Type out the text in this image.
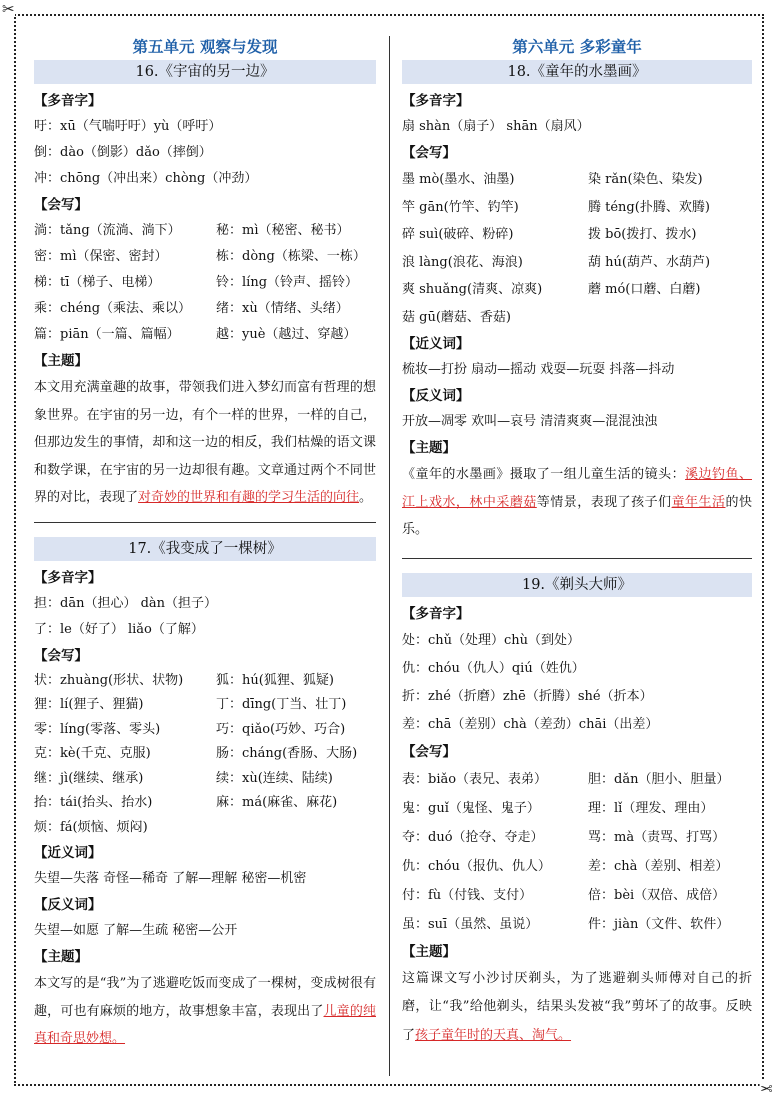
✂
✂
第五单元 观察与发现
16.《宇宙的另一边》
【多音字】
吁：xū（气喘吁吁）yù（呼吁）
倒：dào（倒影）dǎo（摔倒）
冲：chōng（冲出来）chòng（冲劲）
【会写】
淌：tǎng（流淌、淌下）	秘：mì（秘密、秘书）
密：mì（保密、密封）	栋：dòng（栋梁、一栋）
梯：tī（梯子、电梯）	铃：líng（铃声、摇铃）
乘：chéng（乘法、乘以）	绪：xù（情绪、头绪）
篇：piān（一篇、篇幅）	越：yuè（越过、穿越）
【主题】
本文用充满童趣的故事，带领我们进入梦幻而富有哲理的想象世界。在宇宙的另一边，有个一样的世界，一样的自己，但那边发生的事情，却和这一边的相反，我们枯燥的语文课和数学课，在宇宙的另一边却很有趣。文章通过两个不同世界的对比，表现了对奇妙的世界和有趣的学习生活的向往。
17.《我变成了一棵树》
【多音字】
担：dān（担心） dàn（担子）
了：le（好了） liǎo（了解）
【会写】
状：zhuàng(形状、状物)	狐：hú(狐狸、狐疑)
狸：lí(狸子、狸猫)	丁：dīng(丁当、壮丁)
零：líng(零落、零头)	巧：qiǎo(巧妙、巧合)
克：kè(千克、克服)	肠：cháng(香肠、大肠)
继：jì(继续、继承)	续：xù(连续、陆续)
抬：tái(抬头、抬水)	麻：má(麻雀、麻花)
烦：fá(烦恼、烦闷)
【近义词】
失望—失落 奇怪—稀奇 了解—理解 秘密—机密
【反义词】
失望—如愿 了解—生疏 秘密—公开
【主题】
本文写的是“我”为了逃避吃饭而变成了一棵树，变成树很有趣，可也有麻烦的地方，故事想象丰富，表现出了儿童的纯真和奇思妙想。
第六单元 多彩童年
18.《童年的水墨画》
【多音字】
扇 shàn（扇子） shān（扇风）
【会写】
墨 mò(墨水、油墨)	染 rǎn(染色、染发)
竿 gān(竹竿、钓竿)	腾 téng(扑腾、欢腾)
碎 suì(破碎、粉碎)	拨 bō(拨打、拨水)
浪 làng(浪花、海浪)	葫 hú(葫芦、水葫芦)
爽 shuǎng(清爽、凉爽)	蘑 mó(口蘑、白蘑)
菇 gū(蘑菇、香菇)
【近义词】
梳妆—打扮 扇动—摇动 戏耍—玩耍 抖落—抖动
【反义词】
开放—凋零 欢叫—哀号 清清爽爽—混混浊浊
【主题】
《童年的水墨画》摄取了一组儿童生活的镜头：溪边钓鱼、江上戏水，林中采蘑菇等情景，表现了孩子们童年生活的快乐。
19.《剃头大师》
【多音字】
处：chǔ（处理）chù（到处）
仇：chóu（仇人）qiú（姓仇）
折：zhé（折磨）zhē（折腾）shé（折本）
差：chā（差别）chà（差劲）chāi（出差）
【会写】
表：biǎo（表兄、表弟）	胆：dǎn（胆小、胆量）
鬼：guǐ（鬼怪、鬼子）	理：lǐ（理发、理由）
夺：duó（抢夺、夺走）	骂：mà（责骂、打骂）
仇：chóu（报仇、仇人）	差：chà（差别、相差）
付：fù（付钱、支付）	倍：bèi（双倍、成倍）
虽：suī（虽然、虽说）	件：jiàn（文件、软件）
【主题】
这篇课文写小沙讨厌剃头，为了逃避剃头师傅对自己的折磨，让“我”给他剃头，结果头发被“我”剪坏了的故事。反映了孩子童年时的天真、淘气。
